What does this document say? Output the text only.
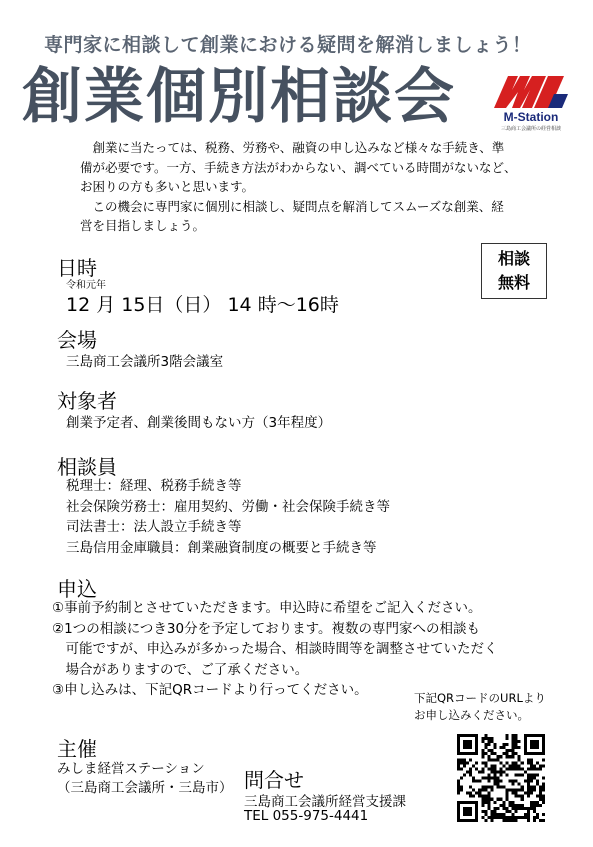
専門家に相談して創業における疑問を解消しましょう！
創業個別相談会	M-Station
三島商工会議所の経営相談

　創業に当たっては、税務、労務や、融資の申し込みなど様々な手続き、準

備が必要です。一方、手続き方法がわからない、調べている時間がないなど、

お困りの方も多いと思います。

　この機会に専門家に個別に相談し、疑問点を解消してスムーズな創業、経

営を目指しましょう。

相談
無料
日時
令和元年
12 月 15日（日） 14 時～16時
会場
三島商工会議所3階会議室
対象者
創業予定者、創業後間もない方（3年程度）
相談員
税理士：経理、税務手続き等
社会保険労務士：雇用契約、労働・社会保険手続き等
司法書士：法人設立手続き等
三島信用金庫職員：創業融資制度の概要と手続き等
申込
①事前予約制とさせていただきます。申込時に希望をご記入ください。
②1つの相談につき30分を予定しております。複数の専門家への相談も
　可能ですが、申込みが多かった場合、相談時間等を調整させていただく
　場合がありますので、ご了承ください。
③申し込みは、下記QRコードより行ってください。	下記QRコードのURLより
お申し込みください。
主催
みしま経営ステーション
（三島商工会議所・三島市） 問合せ
三島商工会議所経営支援課
TEL 055-975-4441
